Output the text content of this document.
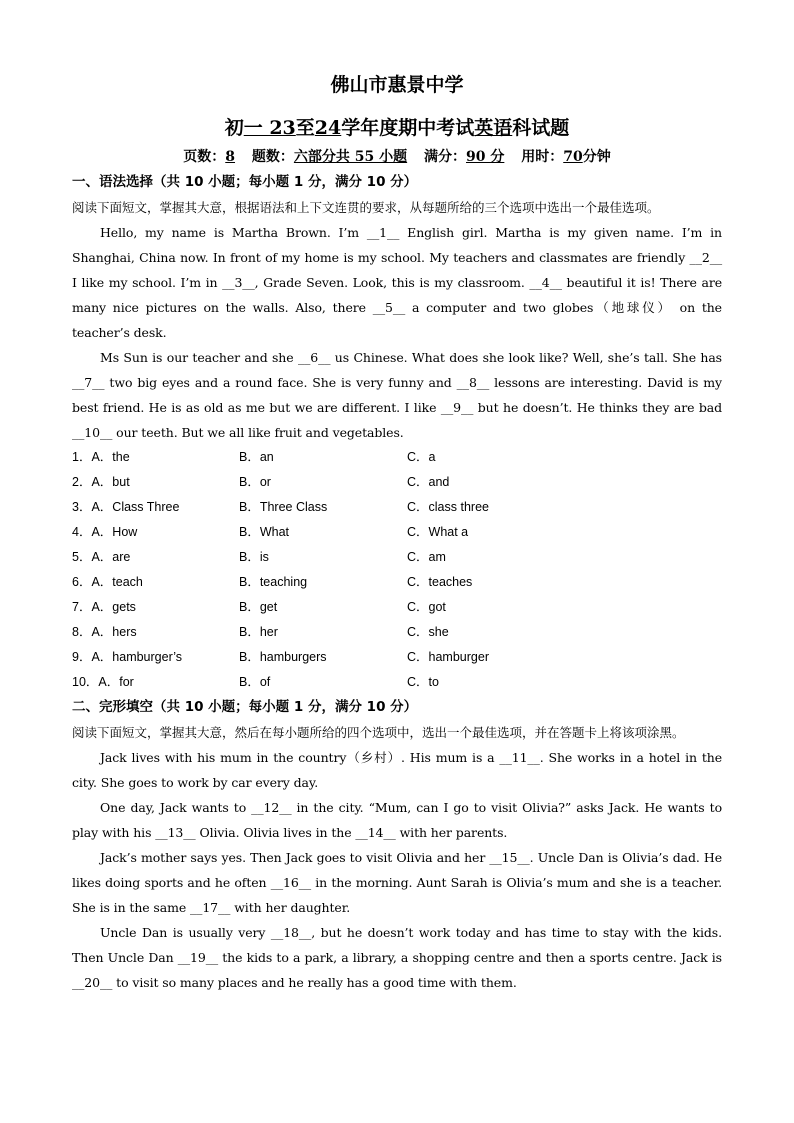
佛山市惠景中学
初一 23至24学年度期中考试英语科试题
页数：8 题数：六部分共 55 小题 满分：90 分 用时：70分钟
一、语法选择（共 10 小题；每小题 1 分，满分 10 分）
阅读下面短文，掌握其大意，根据语法和上下文连贯的要求，从每题所给的三个选项中选出一个最佳选项。
Hello, my name is Martha Brown. I’m __1__ English girl. Martha is my given name. I’m in Shanghai, China now. In front of my home is my school. My teachers and classmates are friendly __2__ I like my school. I’m in __3__, Grade Seven. Look, this is my classroom. __4__ beautiful it is! There are many nice pictures on the walls. Also, there __5__ a computer and two globes（地球仪） on the teacher’s desk.
Ms Sun is our teacher and she __6__ us Chinese. What does she look like? Well, she’s tall. She has __7__ two big eyes and a round face. She is very funny and __8__ lessons are interesting. David is my best friend. He is as old as me but we are different. I like __9__ but he doesn’t. He thinks they are bad __10__ our teeth. But we all like fruit and vegetables.
1．A．the	B．an	C．a
2．A．but	B．or	C．and
3．A．Class Three	B．Three Class	C．class three
4．A．How	B．What	C．What a
5．A．are	B．is	C．am
6．A．teach	B．teaching	C．teaches
7．A．gets	B．get	C．got
8．A．hers	B．her	C．she
9．A．hamburger’s	B．hamburgers	C．hamburger
10．A．for	B．of	C．to
二、完形填空（共 10 小题；每小题 1 分，满分 10 分）
阅读下面短文，掌握其大意，然后在每小题所给的四个选项中，选出一个最佳选项，并在答题卡上将该项涂黑。
Jack lives with his mum in the country（乡村）. His mum is a __11__. She works in a hotel in the city. She goes to work by car every day.
One day, Jack wants to __12__ in the city. “Mum, can I go to visit Olivia?” asks Jack. He wants to play with his __13__ Olivia. Olivia lives in the __14__ with her parents.
Jack’s mother says yes. Then Jack goes to visit Olivia and her __15__. Uncle Dan is Olivia’s dad. He likes doing sports and he often __16__ in the morning. Aunt Sarah is Olivia’s mum and she is a teacher. She is in the same __17__ with her daughter.
Uncle Dan is usually very __18__, but he doesn’t work today and has time to stay with the kids. Then Uncle Dan __19__ the kids to a park, a library, a shopping centre and then a sports centre. Jack is __20__ to visit so many places and he really has a good time with them.
